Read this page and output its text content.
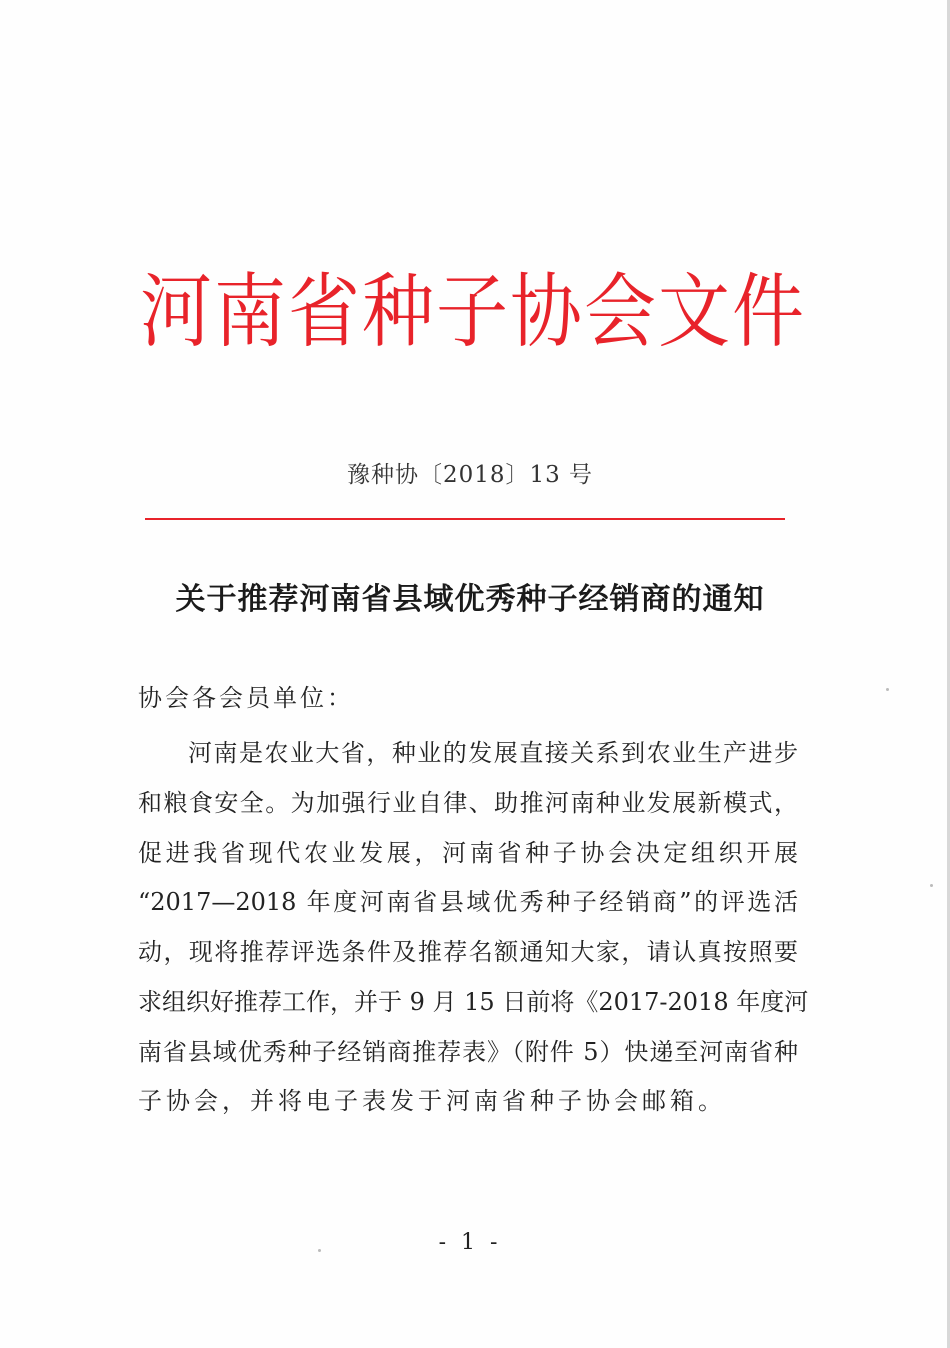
河南省种子协会文件
豫种协〔2018〕13 号
关于推荐河南省县域优秀种子经销商的通知
协会各会员单位：
河南是农业大省，种业的发展直接关系到农业生产进步
和粮食安全。为加强行业自律、助推河南种业发展新模式，
促进我省现代农业发展，河南省种子协会决定组织开展
“2017—2018 年度河南省县域优秀种子经销商”的评选活
动，现将推荐评选条件及推荐名额通知大家，请认真按照要
求组织好推荐工作，并于 9 月 15 日前将《2017-2018 年度河
南省县域优秀种子经销商推荐表》（附件 5）快递至河南省种
子协会，并将电子表发于河南省种子协会邮箱。
- 1 -
